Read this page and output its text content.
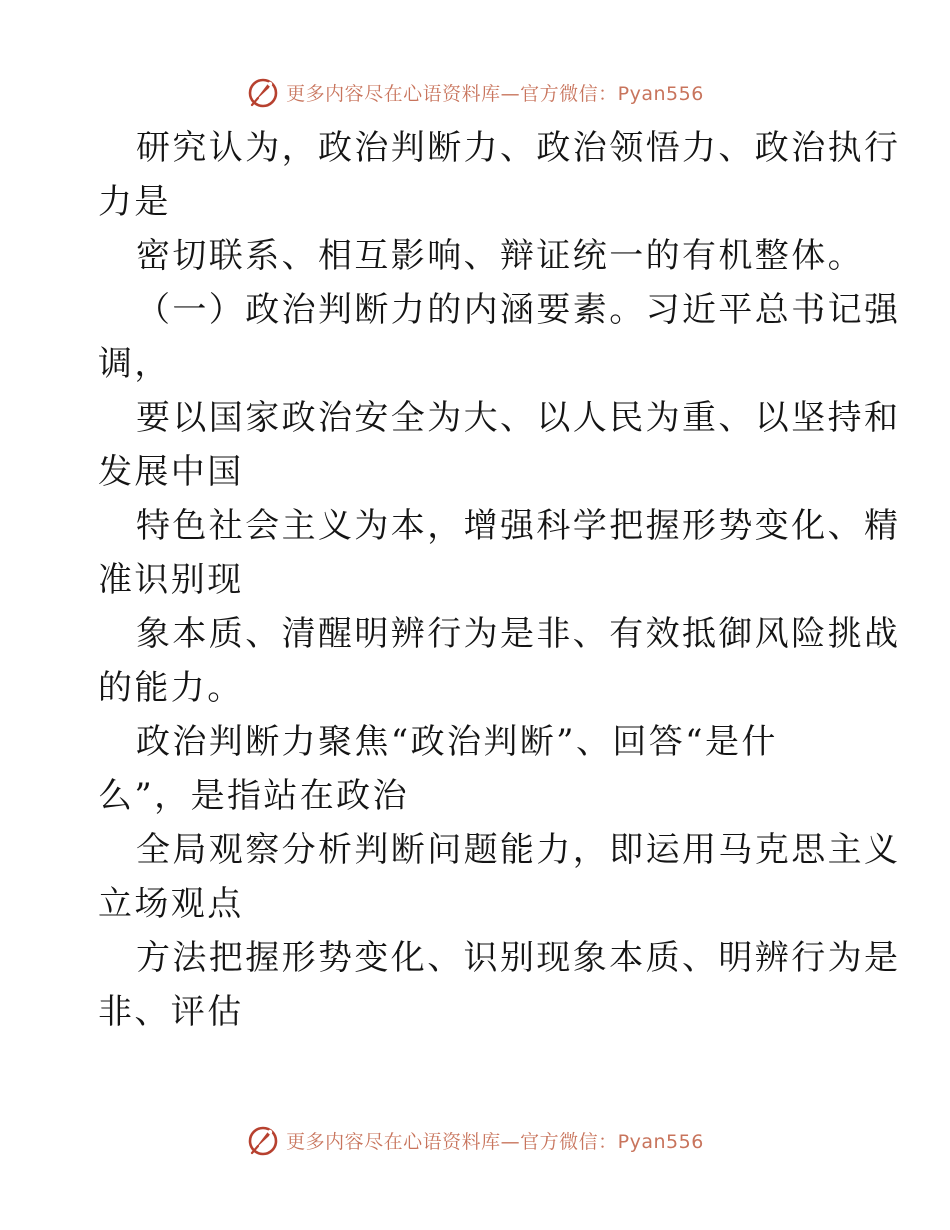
更多内容尽在心语资料库—官方微信：Pyan556
研究认为，政治判断力、政治领悟力、政治执行
力是
密切联系、相互影响、辩证统一的有机整体。
（一）政治判断力的内涵要素。习近平总书记强
调，
要以国家政治安全为大、以人民为重、以坚持和
发展中国
特色社会主义为本，增强科学把握形势变化、精
准识别现
象本质、清醒明辨行为是非、有效抵御风险挑战
的能力。
政治判断力聚焦“政治判断”、回答“是什
么”，是指站在政治
全局观察分析判断问题能力，即运用马克思主义
立场观点
方法把握形势变化、识别现象本质、明辨行为是
非、评估
更多内容尽在心语资料库—官方微信：Pyan556
